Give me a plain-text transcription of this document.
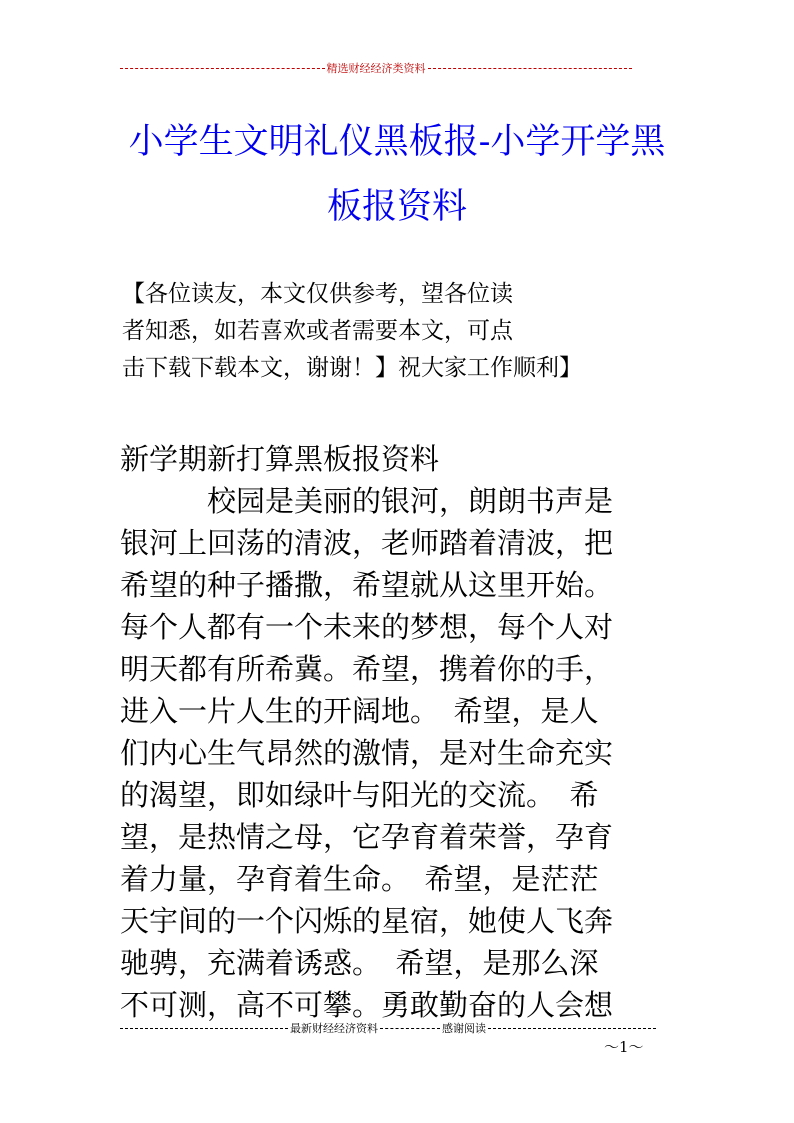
精选财经经济类资料
小学生文明礼仪黑板报-小学开学黑
板报资料
【各位读友，本文仅供参考，望各位读
者知悉，如若喜欢或者需要本文，可点
击下载下载本文，谢谢！】祝大家工作顺利】
新学期新打算黑板报资料
　　　校园是美丽的银河，朗朗书声是
银河上回荡的清波，老师踏着清波，把
希望的种子播撒，希望就从这里开始。
每个人都有一个未来的梦想，每个人对
明天都有所希冀。希望，携着你的手，
进入一片人生的开阔地。　希望，是人
们内心生气昂然的激情，是对生命充实
的渴望，即如绿叶与阳光的交流。　希
望，是热情之母，它孕育着荣誉，孕育
着力量，孕育着生命。　希望，是茫茫
天宇间的一个闪烁的星宿，她使人飞奔
驰骋，充满着诱惑。　希望，是那么深
不可测，高不可攀。勇敢勤奋的人会想
最新财经经济资料	感谢阅读
～1～
